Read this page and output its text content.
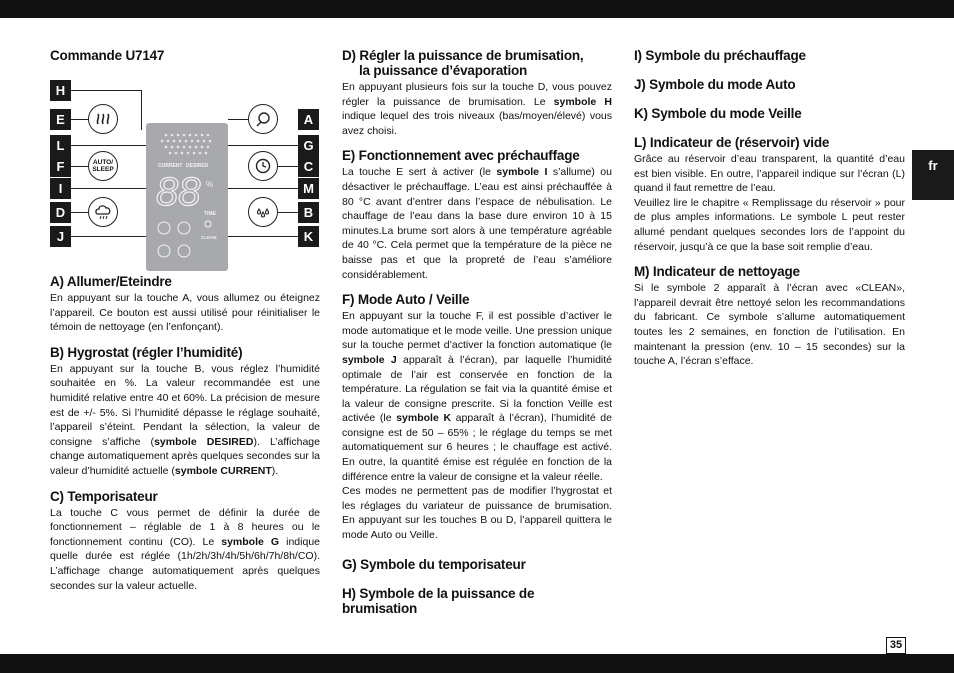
fr
35
Commande U7147
CURRENT DESIRED
88 %
TIME
CLEAN
H
E
L
F
I
D
J
A
G
C
M
B
K
AUTO/
SLEEP
A) Allumer/Eteindre

En appuyant sur la touche A, vous allumez ou éteignez l’appareil. Ce bouton est aussi utilisé pour réinitialiser le témoin de nettoyage (en l’enfonçant).

B) Hygrostat (régler l’humidité)

En appuyant sur la touche B, vous réglez l’humidité souhaitée en %. La valeur recommandée est une humidité relative entre 40 et 60%. La précision de mesure est de +/- 5%. Si l’humidité dépasse le réglage souhaité, l’appareil s’éteint. Pendant la sélection, la valeur de consigne s’affiche (symbole DESIRED). L’affichage change automatiquement après quelques secondes sur la valeur d’humidité actuelle (symbole CURRENT).

C) Temporisateur

La touche C vous permet de définir la durée de fonctionnement – réglable de 1 à 8 heures ou le fonctionnement continu (CO). Le symbole G indique quelle durée est réglée (1h/2h/3h/4h/5h/6h/7h/8h/CO). L’affichage change automatiquement après quelques secondes sur la valeur actuelle.

D) Régler la puissance de brumisation,
la puissance d’évaporation

En appuyant plusieurs fois sur la touche D, vous pouvez régler la puissance de brumisation. Le symbole H indique lequel des trois niveaux (bas/moyen/élevé) vous avez choisi.

E) Fonctionnement avec préchauffage

La touche E sert à activer (le symbole I s’allume) ou désactiver le préchauffage. L’eau est ainsi préchauffée à 80 °C avant d’entrer dans l’espace de nébulisation. Le chauffage de l’eau dans la base dure environ 10 à 15 minutes.La brume sort alors à une température agréable de 40 °C. Cela permet que la température de la pièce ne baisse pas et que la propreté de l’eau s’améliore considérablement.

F) Mode Auto / Veille

En appuyant sur la touche F, il est possible d’activer le mode automatique et le mode veille. Une pression unique sur la touche permet d’activer la fonction automatique (le symbole J apparaît à l’écran), par laquelle l’humidité optimale de l’air est conservée en fonction de la température. La régulation se fait via la quantité émise et la valeur de consigne prescrite. Si la fonction Veille est activée (le symbole K apparaît à l’écran), l’humidité de consigne est de 50 – 65% ; le réglage du temps se met automatiquement sur 6 heures ; le chauffage est activé. En outre, la quantité émise est régulée en fonction de la différence entre la valeur de consigne et la valeur réelle.

Ces modes ne permettent pas de modifier l’hygrostat et les réglages du variateur de puissance de brumisation. En appuyant sur les touches B ou D, l’appareil quittera le mode Auto ou Veille.

G) Symbole du temporisateur
H) Symbole de la puissance de brumisation
I) Symbole du préchauffage
J) Symbole du mode Auto
K) Symbole du mode Veille
L) Indicateur de (réservoir) vide

Grâce au réservoir d’eau transparent, la quantité d’eau est bien visible. En outre, l’appareil indique sur l’écran (L) quand il faut remettre de l’eau.

Veuillez lire le chapitre « Remplissage du réservoir » pour de plus amples informations. Le symbole L peut rester allumé pendant quelques secondes lors de l’appoint du réservoir, jusqu’à ce que la base soit remplie d’eau.

M) Indicateur de nettoyage

Si le symbole 2 apparaît à l’écran avec «CLEAN», l’appareil devrait être nettoyé selon les recommandations du fabricant. Ce symbole s’allume automatiquement toutes les 2 semaines, en fonction de l’utilisation. En maintenant la pression (env. 10 – 15 secondes) sur la touche A, l’écran s’efface.
